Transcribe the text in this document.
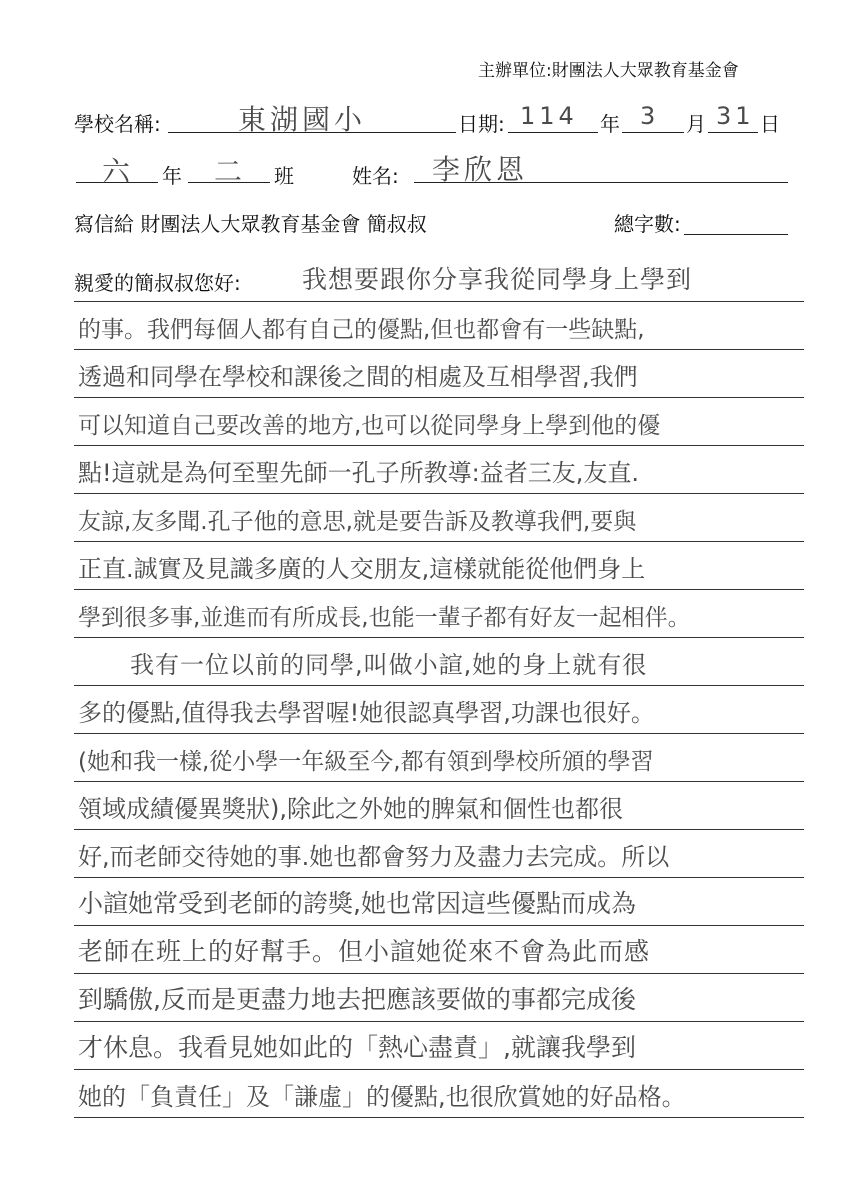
主辦單位:財團法人大眾教育基金會
學校名稱:	東湖國小	日期: 114 年 3 月 31 日
六 年 二 班	姓名: 李欣恩
寫信給 財團法人大眾教育基金會 簡叔叔	總字數:
親愛的簡叔叔您好: 我想要跟你分享我從同學身上學到
的事。我們每個人都有自己的優點,但也都會有一些缺點,
透過和同學在學校和課後之間的相處及互相學習,我們
可以知道自己要改善的地方,也可以從同學身上學到他的優
點!這就是為何至聖先師一孔子所教導:益者三友,友直.
友諒,友多聞.孔子他的意思,就是要告訴及教導我們,要與
正直.誠實及見識多廣的人交朋友,這樣就能從他們身上
學到很多事,並進而有所成長,也能一輩子都有好友一起相伴。
我有一位以前的同學,叫做小諠,她的身上就有很
多的優點,值得我去學習喔!她很認真學習,功課也很好。
(她和我一樣,從小學一年級至今,都有領到學校所頒的學習
領域成績優異獎狀),除此之外她的脾氣和個性也都很
好,而老師交待她的事.她也都會努力及盡力去完成。所以
小諠她常受到老師的誇獎,她也常因這些優點而成為
老師在班上的好幫手。但小諠她從來不會為此而感
到驕傲,反而是更盡力地去把應該要做的事都完成後
才休息。我看見她如此的「熱心盡責」,就讓我學到
她的「負責任」及「謙虛」的優點,也很欣賞她的好品格。
